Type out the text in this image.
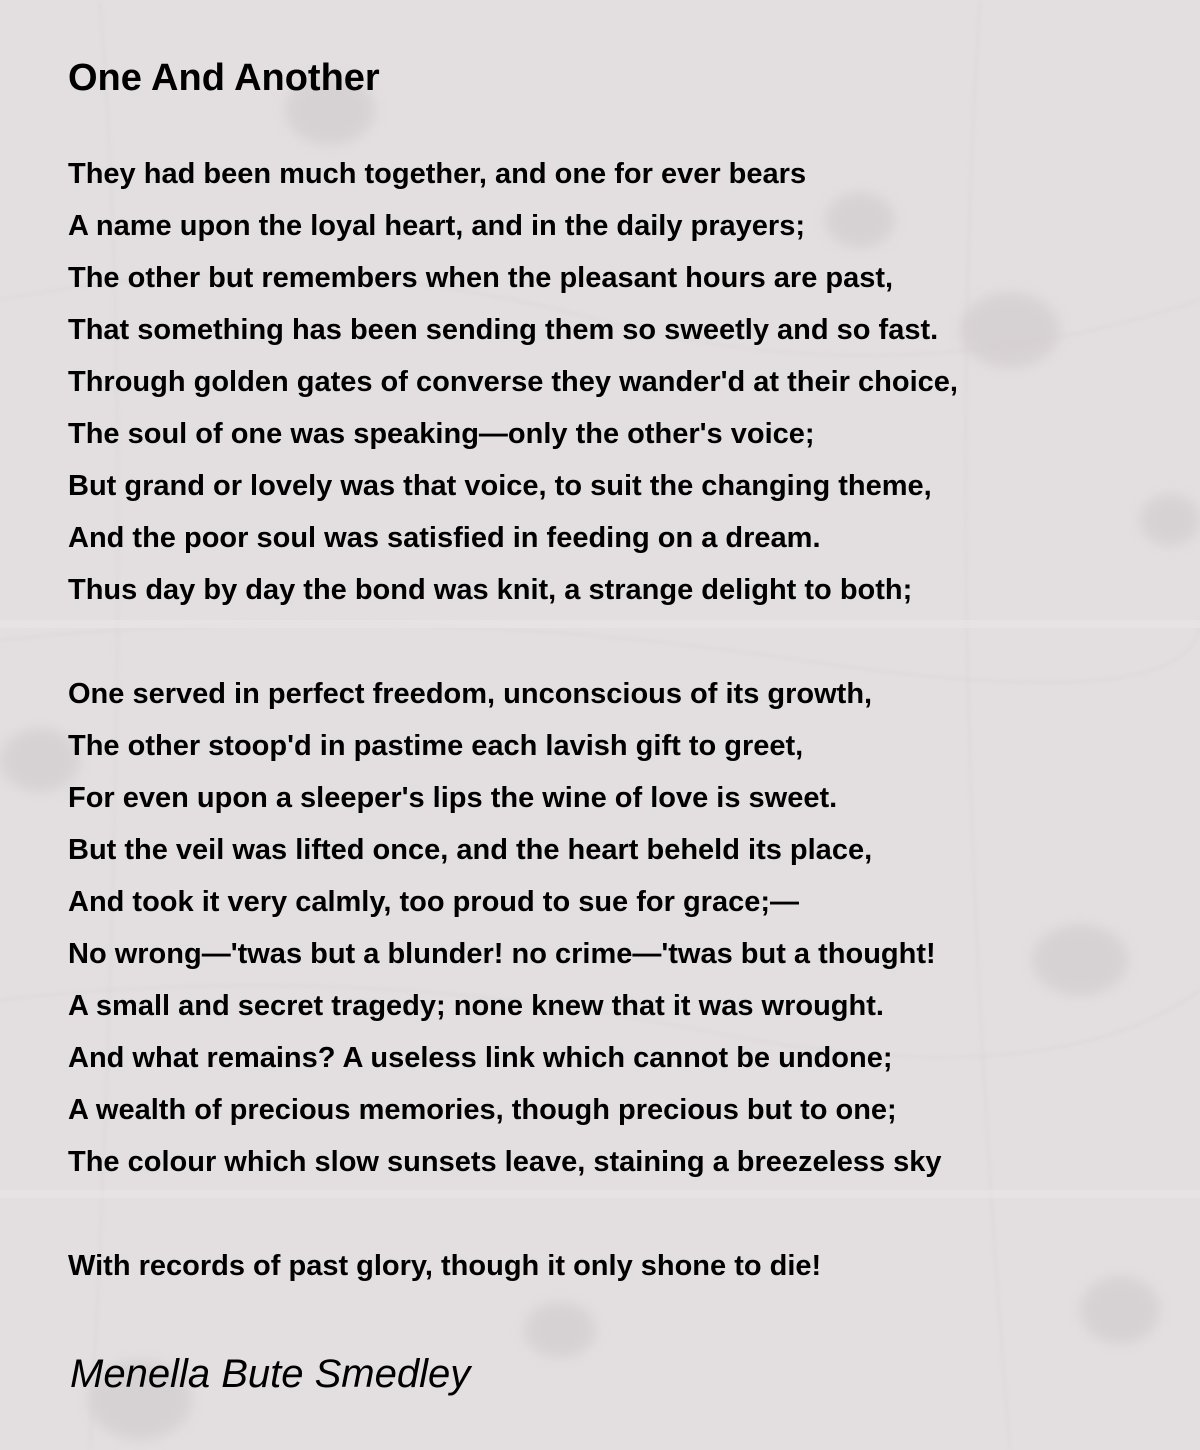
One And Another
They had been much together, and one for ever bears
A name upon the loyal heart, and in the daily prayers;
The other but remembers when the pleasant hours are past,
That something has been sending them so sweetly and so fast.
Through golden gates of converse they wander'd at their choice,
The soul of one was speaking—only the other's voice;
But grand or lovely was that voice, to suit the changing theme,
And the poor soul was satisfied in feeding on a dream.
Thus day by day the bond was knit, a strange delight to both;
One served in perfect freedom, unconscious of its growth,
The other stoop'd in pastime each lavish gift to greet,
For even upon a sleeper's lips the wine of love is sweet.
But the veil was lifted once, and the heart beheld its place,
And took it very calmly, too proud to sue for grace;—
No wrong—'twas but a blunder! no crime—'twas but a thought!
A small and secret tragedy; none knew that it was wrought.
And what remains? A useless link which cannot be undone;
A wealth of precious memories, though precious but to one;
The colour which slow sunsets leave, staining a breezeless sky
With records of past glory, though it only shone to die!

Menella Bute Smedley
